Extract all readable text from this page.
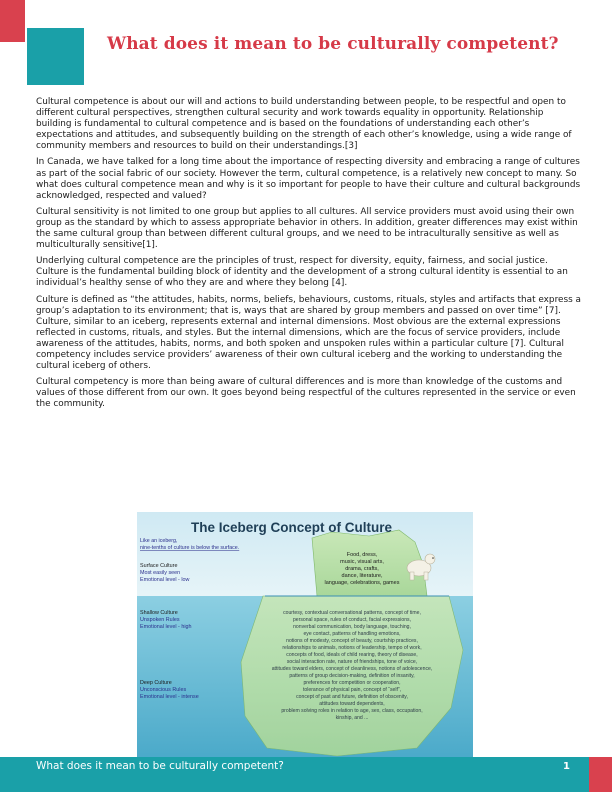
What does it mean to be culturally competent?

Cultural competence is about our will and actions to build understanding between people, to be respectful and open to different cultural perspectives, strengthen cultural security and work towards equality in opportunity. Relationship building is fundamental to cultural competence and is based on the foundations of understanding each other’s expectations and attitudes, and subsequently building on the strength of each other’s knowledge, using a wide range of community members and resources to build on their understandings.[3]

In Canada, we have talked for a long time about the importance of respecting diversity and embracing a range of cultures as part of the social fabric of our society. However the term, cultural competence, is a relatively new concept to many. So what does cultural competence mean and why is it so important for people to have their culture and cultural backgrounds acknowledged, respected and valued?

Cultural sensitivity is not limited to one group but applies to all cultures. All service providers must avoid using their own group as the standard by which to assess appropriate behavior in others. In addition, greater differences may exist within the same cultural group than between different cultural groups, and we need to be intraculturally sensitive as well as multiculturally sensitive[1].

Underlying cultural competence are the principles of trust, respect for diversity, equity, fairness, and social justice. Culture is the fundamental building block of identity and the development of a strong cultural identity is essential to an individual’s healthy sense of who they are and where they belong [4].

Culture is defined as “the attitudes, habits, norms, beliefs, behaviours, customs, rituals, styles and artifacts that express a group’s adaptation to its environment; that is, ways that are shared by group members and passed on over time” [7]. Culture, similar to an iceberg, represents external and internal dimensions. Most obvious are the external expressions reflected in customs, rituals, and styles. But the internal dimensions, which are the focus of service providers, include awareness of the attitudes, habits, norms, and both spoken and unspoken rules within a particular culture [7]. Cultural competency includes service providers’ awareness of their own cultural iceberg and the working to understanding the cultural iceberg of others.

Cultural competency is more than being aware of cultural differences and is more than knowledge of the customs and values of those different from our own. It goes beyond being respectful of the cultures represented in the service or even the community.

The Iceberg Concept of Culture
Like an iceberg,
nine-tenths of culture is below the surface.
Surface Culture
Most easily seen
Emotional level - low
Shallow Culture
Unspoken Rules
Emotional level - high
Deep Culture
Unconscious Rules
Emotional level - intense
Food, dress,
music, visual arts,
drama, crafts,
dance, literature,
language, celebrations, games
courtesy, contextual conversational patterns, concept of time,
personal space, rules of conduct, facial expressions,
nonverbal communication, body language, touching,
eye contact, patterns of handling emotions,
notions of modesty, concept of beauty, courtship practices,
relationships to animals, notions of leadership, tempo of work,
concepts of food, ideals of child rearing, theory of disease,
social interaction rate, nature of friendships, tone of voice,
attitudes toward elders, concept of cleanliness, notions of adolescence,
patterns of group decision-making, definition of insanity,
preferences for competition or cooperation,
tolerance of physical pain, concept of “self”,
concept of past and future, definition of obscenity,
attitudes toward dependents,
problem solving roles in relation to age, sex, class, occupation,
kinship, and ...
What does it mean to be culturally competent?	1
